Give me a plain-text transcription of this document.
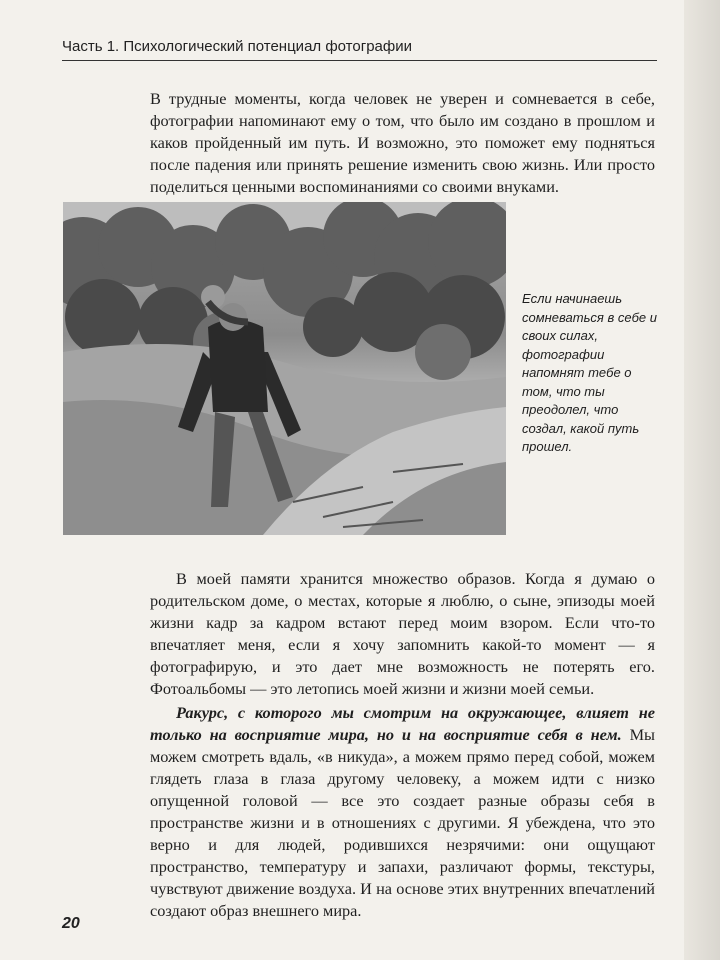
Часть 1. Психологический потенциал фотографии

В трудные моменты, когда человек не уверен и сомневается в себе, фотографии напоминают ему о том, что было им создано в прошлом и каков пройденный им путь. И возможно, это поможет ему подняться после падения или принять решение изменить свою жизнь. Или просто поделиться ценными воспоминаниями со своими внуками.

Если начинаешь сомневаться в себе и своих силах, фотографии напомнят тебе о том, что ты преодолел, что создал, какой путь прошел.

В моей памяти хранится множество образов. Когда я думаю о родительском доме, о местах, которые я люблю, о сыне, эпизоды моей жизни кадр за кадром встают перед моим взором. Если что-то впечатляет меня, если я хочу запомнить какой-то момент — я фотографирую, и это дает мне возможность не потерять его. Фотоальбомы — это летопись моей жизни и жизни моей семьи.

Ракурс, с которого мы смотрим на окружающее, влияет не только на восприятие мира, но и на восприятие себя в нем. Мы можем смотреть вдаль, «в никуда», а можем прямо перед собой, можем глядеть глаза в глаза другому человеку, а можем идти с низко опущенной головой — все это создает разные образы себя в пространстве жизни и в отношениях с другими. Я убеждена, что это верно и для людей, родившихся незрячими: они ощущают пространство, температуру и запахи, различают формы, текстуры, чувствуют движение воздуха. И на основе этих внутренних впечатлений создают образ внешнего мира.

20
